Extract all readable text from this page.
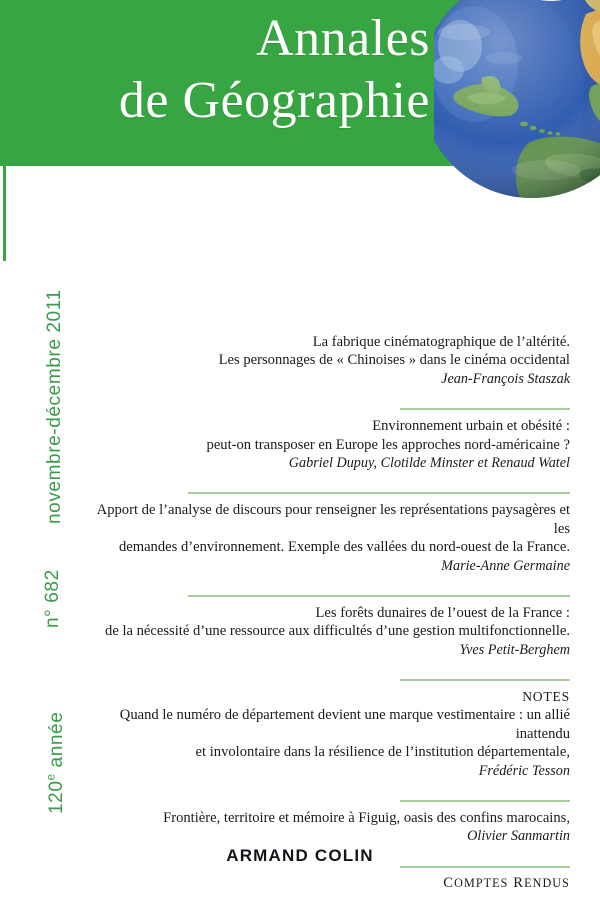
Annales
de Géographie
novembre-décembre 2011
n° 682
120e année
La fabrique cinématographique de l’altérité.
Les personnages de « Chinoises » dans le cinéma occidental
Jean-François Staszak
Environnement urbain et obésité :
peut-on transposer en Europe les approches nord-américaine ?
Gabriel Dupuy, Clotilde Minster et Renaud Watel
Apport de l’analyse de discours pour renseigner les représentations paysagères et les
demandes d’environnement. Exemple des vallées du nord-ouest de la France.
Marie-Anne Germaine
Les forêts dunaires de l’ouest de la France :
de la nécessité d’une ressource aux difficultés d’une gestion multifonctionnelle.
Yves Petit-Berghem
NOTES
Quand le numéro de département devient une marque vestimentaire : un allié inattendu
et involontaire dans la résilience de l’institution départementale,
Frédéric Tesson
Frontière, territoire et mémoire à Figuig, oasis des confins marocains,
Olivier Sanmartin
COMPTES RENDUS
ARMAND COLIN
